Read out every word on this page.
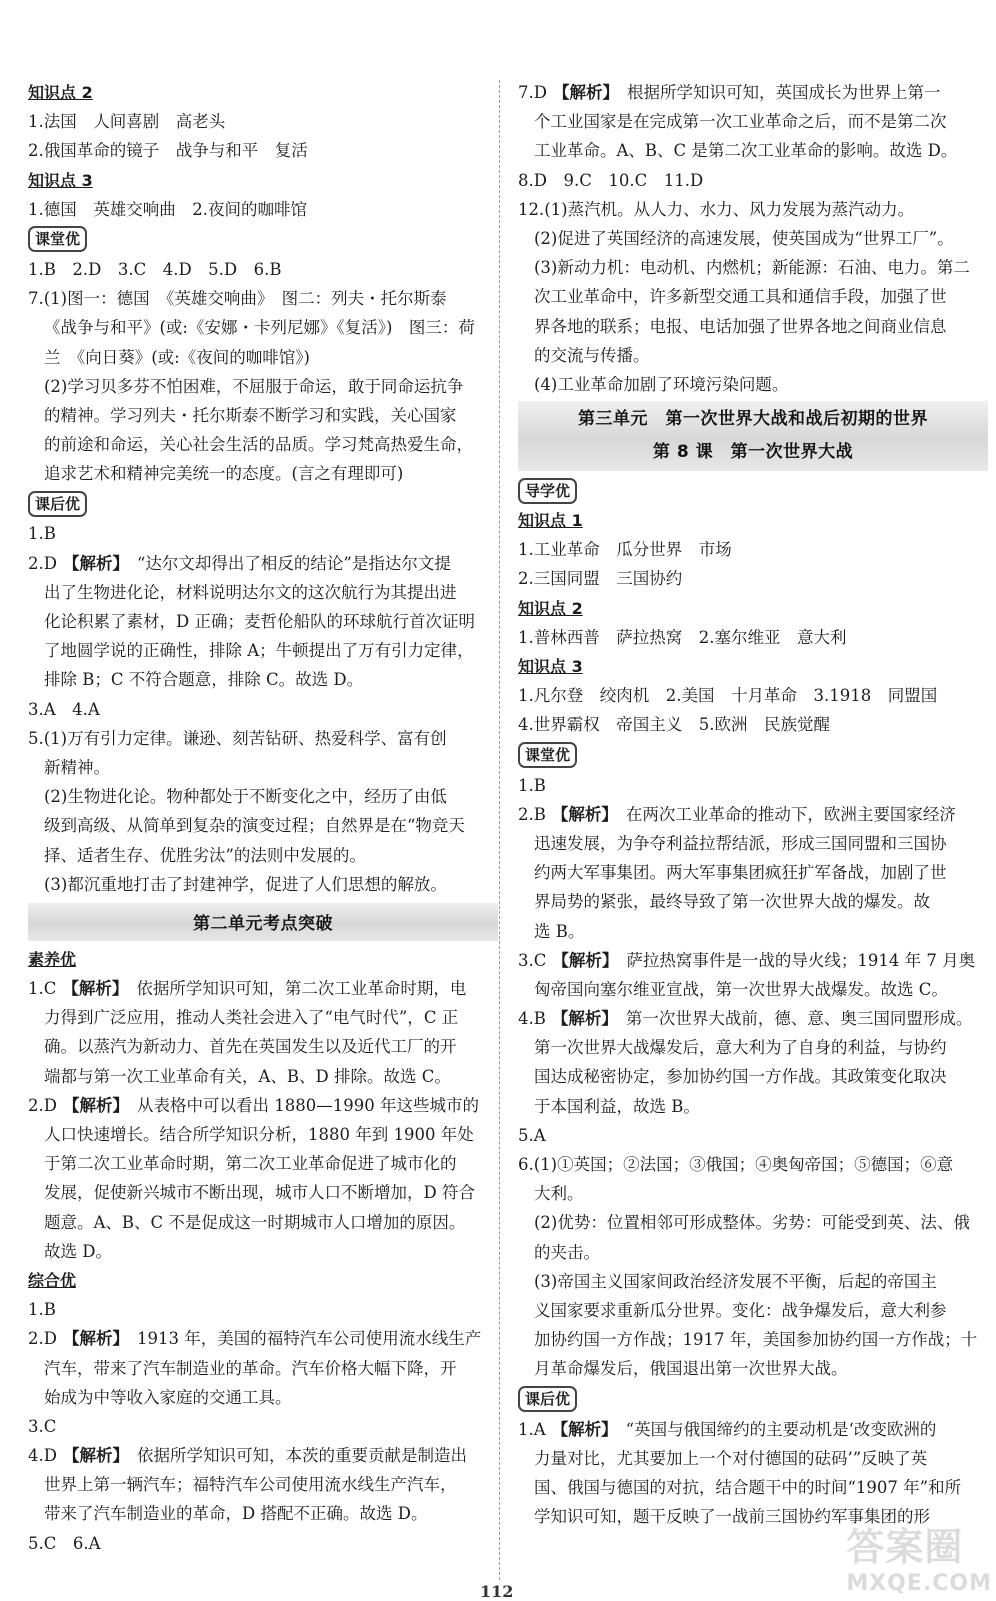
知识点 2
1.法国　人间喜剧　高老头
2.俄国革命的镜子　战争与和平　复活
知识点 3
1.德国　英雄交响曲　2.夜间的咖啡馆
课堂优
1.B　2.D　3.C　4.D　5.D　6.B
7.(1)图一：德国　《英雄交响曲》　图二：列夫・托尔斯泰
《战争与和平》(或:《安娜・卡列尼娜》《复活》)　图三：荷
兰　《向日葵》(或:《夜间的咖啡馆》)
(2)学习贝多芬不怕困难，不屈服于命运，敢于同命运抗争
的精神。学习列夫・托尔斯泰不断学习和实践，关心国家
的前途和命运，关心社会生活的品质。学习梵高热爱生命，
追求艺术和精神完美统一的态度。(言之有理即可)
课后优
1.B
2.D 【解析】 “达尔文却得出了相反的结论”是指达尔文提
出了生物进化论，材料说明达尔文的这次航行为其提出进
化论积累了素材，D 正确；麦哲伦船队的环球航行首次证明
了地圆学说的正确性，排除 A；牛顿提出了万有引力定律，
排除 B；C 不符合题意，排除 C。故选 D。
3.A　4.A
5.(1)万有引力定律。谦逊、刻苦钻研、热爱科学、富有创
新精神。
(2)生物进化论。物种都处于不断变化之中，经历了由低
级到高级、从简单到复杂的演变过程；自然界是在“物竞天
择、适者生存、优胜劣汰”的法则中发展的。
(3)都沉重地打击了封建神学，促进了人们思想的解放。
第二单元考点突破
素养优
1.C 【解析】 依据所学知识可知，第二次工业革命时期，电
力得到广泛应用，推动人类社会进入了“电气时代”，C 正
确。以蒸汽为新动力、首先在英国发生以及近代工厂的开
端都与第一次工业革命有关，A、B、D 排除。故选 C。
2.D 【解析】 从表格中可以看出 1880—1990 年这些城市的
人口快速增长。结合所学知识分析，1880 年到 1900 年处
于第二次工业革命时期，第二次工业革命促进了城市化的
发展，促使新兴城市不断出现，城市人口不断增加，D 符合
题意。A、B、C 不是促成这一时期城市人口增加的原因。
故选 D。
综合优
1.B
2.D 【解析】 1913 年，美国的福特汽车公司使用流水线生产
汽车，带来了汽车制造业的革命。汽车价格大幅下降，开
始成为中等收入家庭的交通工具。
3.C
4.D 【解析】 依据所学知识可知，本茨的重要贡献是制造出
世界上第一辆汽车；福特汽车公司使用流水线生产汽车，
带来了汽车制造业的革命，D 搭配不正确。故选 D。
5.C　6.A
7.D 【解析】 根据所学知识可知，英国成长为世界上第一
个工业国家是在完成第一次工业革命之后，而不是第二次
工业革命。A、B、C 是第二次工业革命的影响。故选 D。
8.D　9.C　10.C　11.D
12.(1)蒸汽机。从人力、水力、风力发展为蒸汽动力。
(2)促进了英国经济的高速发展，使英国成为“世界工厂”。
(3)新动力机：电动机、内燃机；新能源：石油、电力。第二
次工业革命中，许多新型交通工具和通信手段，加强了世
界各地的联系；电报、电话加强了世界各地之间商业信息
的交流与传播。
(4)工业革命加剧了环境污染问题。
第三单元　第一次世界大战和战后初期的世界
第 8 课　第一次世界大战
导学优
知识点 1
1.工业革命　瓜分世界　市场
2.三国同盟　三国协约
知识点 2
1.普林西普　萨拉热窝　2.塞尔维亚　意大利
知识点 3
1.凡尔登　绞肉机　2.美国　十月革命　3.1918　同盟国
4.世界霸权　帝国主义　5.欧洲　民族觉醒
课堂优
1.B
2.B 【解析】 在两次工业革命的推动下，欧洲主要国家经济
迅速发展，为争夺利益拉帮结派，形成三国同盟和三国协
约两大军事集团。两大军事集团疯狂扩军备战，加剧了世
界局势的紧张，最终导致了第一次世界大战的爆发。故
选 B。
3.C 【解析】 萨拉热窝事件是一战的导火线；1914 年 7 月奥
匈帝国向塞尔维亚宣战，第一次世界大战爆发。故选 C。
4.B 【解析】 第一次世界大战前，德、意、奥三国同盟形成。
第一次世界大战爆发后，意大利为了自身的利益，与协约
国达成秘密协定，参加协约国一方作战。其政策变化取决
于本国利益，故选 B。
5.A
6.(1)①英国；②法国；③俄国；④奥匈帝国；⑤德国；⑥意
大利。
(2)优势：位置相邻可形成整体。劣势：可能受到英、法、俄
的夹击。
(3)帝国主义国家间政治经济发展不平衡，后起的帝国主
义国家要求重新瓜分世界。变化：战争爆发后，意大利参
加协约国一方作战；1917 年，美国参加协约国一方作战；十
月革命爆发后，俄国退出第一次世界大战。
课后优
1.A 【解析】 “英国与俄国缔约的主要动机是‘改变欧洲的
力量对比，尤其要加上一个对付德国的砝码’”反映了英
国、俄国与德国的对抗，结合题干中的时间“1907 年”和所
学知识可知，题干反映了一战前三国协约军事集团的形
112
答案圈
MXQE.COM
